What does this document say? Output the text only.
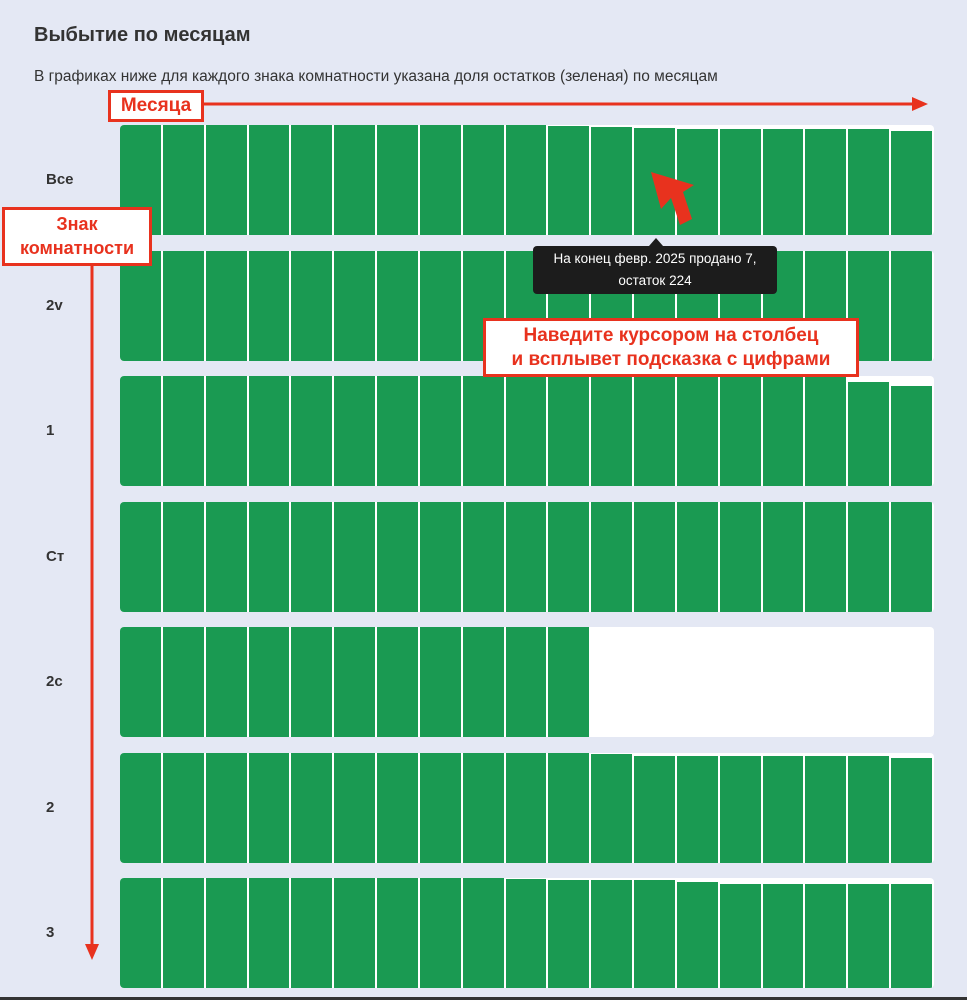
Выбытие по месяцам
В графиках ниже для каждого знака комнатности указана доля остатков (зеленая) по месяцам
Все
2v
1
Ст
2с
2
3
Месяца
Знак
комнатности
Наведите курсором на столбец
и всплывет подсказка с цифрами
На конец февр. 2025 продано 7,
остаток 224
